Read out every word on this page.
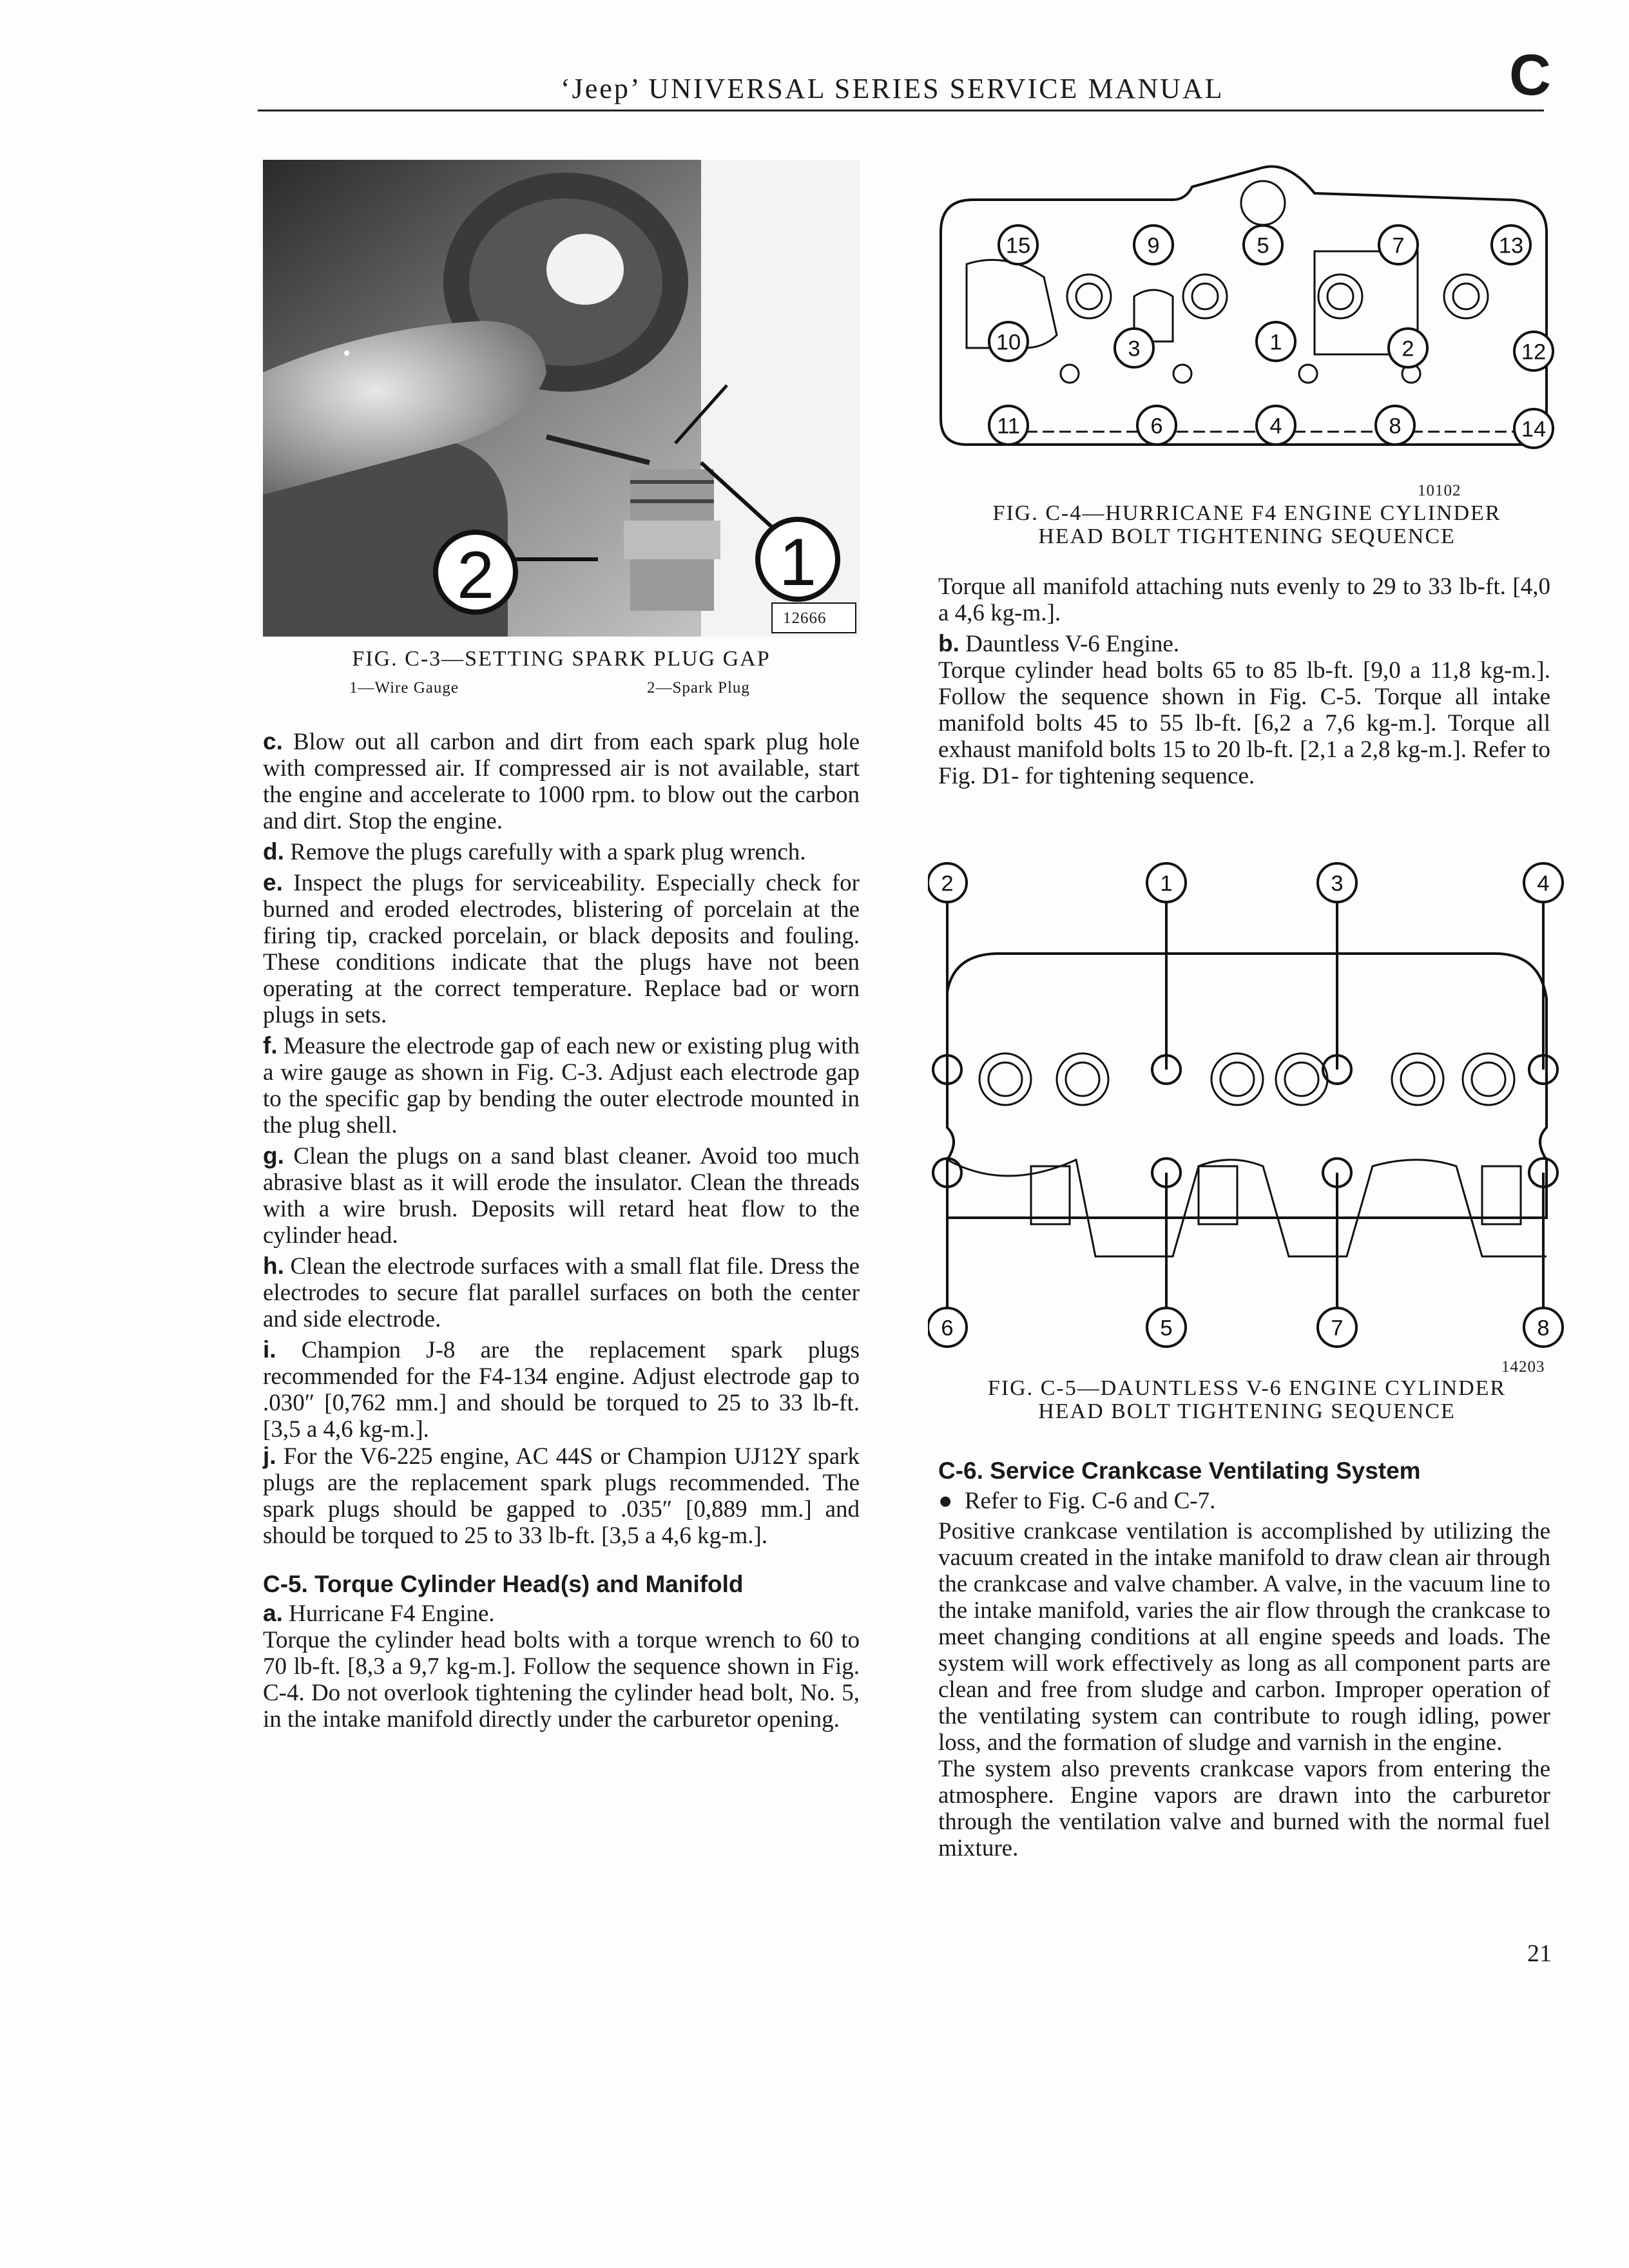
‘Jeep’ UNIVERSAL SERIES SERVICE MANUAL	C
2	1
12666
FIG. C-3—SETTING SPARK PLUG GAP
1—Wire Gauge	2—Spark Plug

c. Blow out all carbon and dirt from each spark plug hole with compressed air. If compressed air is not available, start the engine and accelerate to 1000 rpm. to blow out the carbon and dirt. Stop the engine.

d. Remove the plugs carefully with a spark plug wrench.

e. Inspect the plugs for serviceability. Especially check for burned and eroded electrodes, blistering of porcelain at the firing tip, cracked porcelain, or black deposits and fouling. These conditions indicate that the plugs have not been operating at the correct temperature. Replace bad or worn plugs in sets.

f. Measure the electrode gap of each new or existing plug with a wire gauge as shown in Fig. C-3. Adjust each electrode gap to the specific gap by bending the outer electrode mounted in the plug shell.

g. Clean the plugs on a sand blast cleaner. Avoid too much abrasive blast as it will erode the insulator. Clean the threads with a wire brush. Deposits will retard heat flow to the cylinder head.

h. Clean the electrode surfaces with a small flat file. Dress the electrodes to secure flat parallel surfaces on both the center and side electrode.

i. Champion J-8 are the replacement spark plugs recommended for the F4-134 engine. Adjust electrode gap to .030″ [0,762 mm.] and should be torqued to 25 to 33 lb-ft. [3,5 a 4,6 kg-m.].

j. For the V6-225 engine, AC 44S or Champion UJ12Y spark plugs are the replacement spark plugs recommended. The spark plugs should be gapped to .035″ [0,889 mm.] and should be torqued to 25 to 33 lb-ft. [3,5 a 4,6 kg-m.].

C-5. Torque Cylinder Head(s) and Manifold

a. Hurricane F4 Engine.

Torque the cylinder head bolts with a torque wrench to 60 to 70 lb-ft. [8,3 a 9,7 kg-m.]. Follow the sequence shown in Fig. C-4. Do not overlook tightening the cylinder head bolt, No. 5, in the intake manifold directly under the carburetor opening.

15	9	5	7	13
10	3	1	2	12
11	6	4	8	14
10102
FIG. C-4—HURRICANE F4 ENGINE CYLINDER
HEAD BOLT TIGHTENING SEQUENCE

Torque all manifold attaching nuts evenly to 29 to 33 lb-ft. [4,0 a 4,6 kg-m.].

b. Dauntless V-6 Engine.

Torque cylinder head bolts 65 to 85 lb-ft. [9,0 a 11,8 kg-m.]. Follow the sequence shown in Fig. C-5. Torque all intake manifold bolts 45 to 55 lb-ft. [6,2 a 7,6 kg-m.]. Torque all exhaust manifold bolts 15 to 20 lb-ft. [2,1 a 2,8 kg-m.]. Refer to Fig. D1- for tightening sequence.

2	1	3	4
6	5	7	8
14203
FIG. C-5—DAUNTLESS V-6 ENGINE CYLINDER
HEAD BOLT TIGHTENING SEQUENCE

C-6. Service Crankcase Ventilating System

● Refer to Fig. C-6 and C-7.

Positive crankcase ventilation is accomplished by utilizing the vacuum created in the intake manifold to draw clean air through the crankcase and valve chamber. A valve, in the vacuum line to the intake manifold, varies the air flow through the crankcase to meet changing conditions at all engine speeds and loads. The system will work effectively as long as all component parts are clean and free from sludge and carbon. Improper operation of the ventilating system can contribute to rough idling, power loss, and the formation of sludge and varnish in the engine.

The system also prevents crankcase vapors from entering the atmosphere. Engine vapors are drawn into the carburetor through the ventilation valve and burned with the normal fuel mixture.

21
